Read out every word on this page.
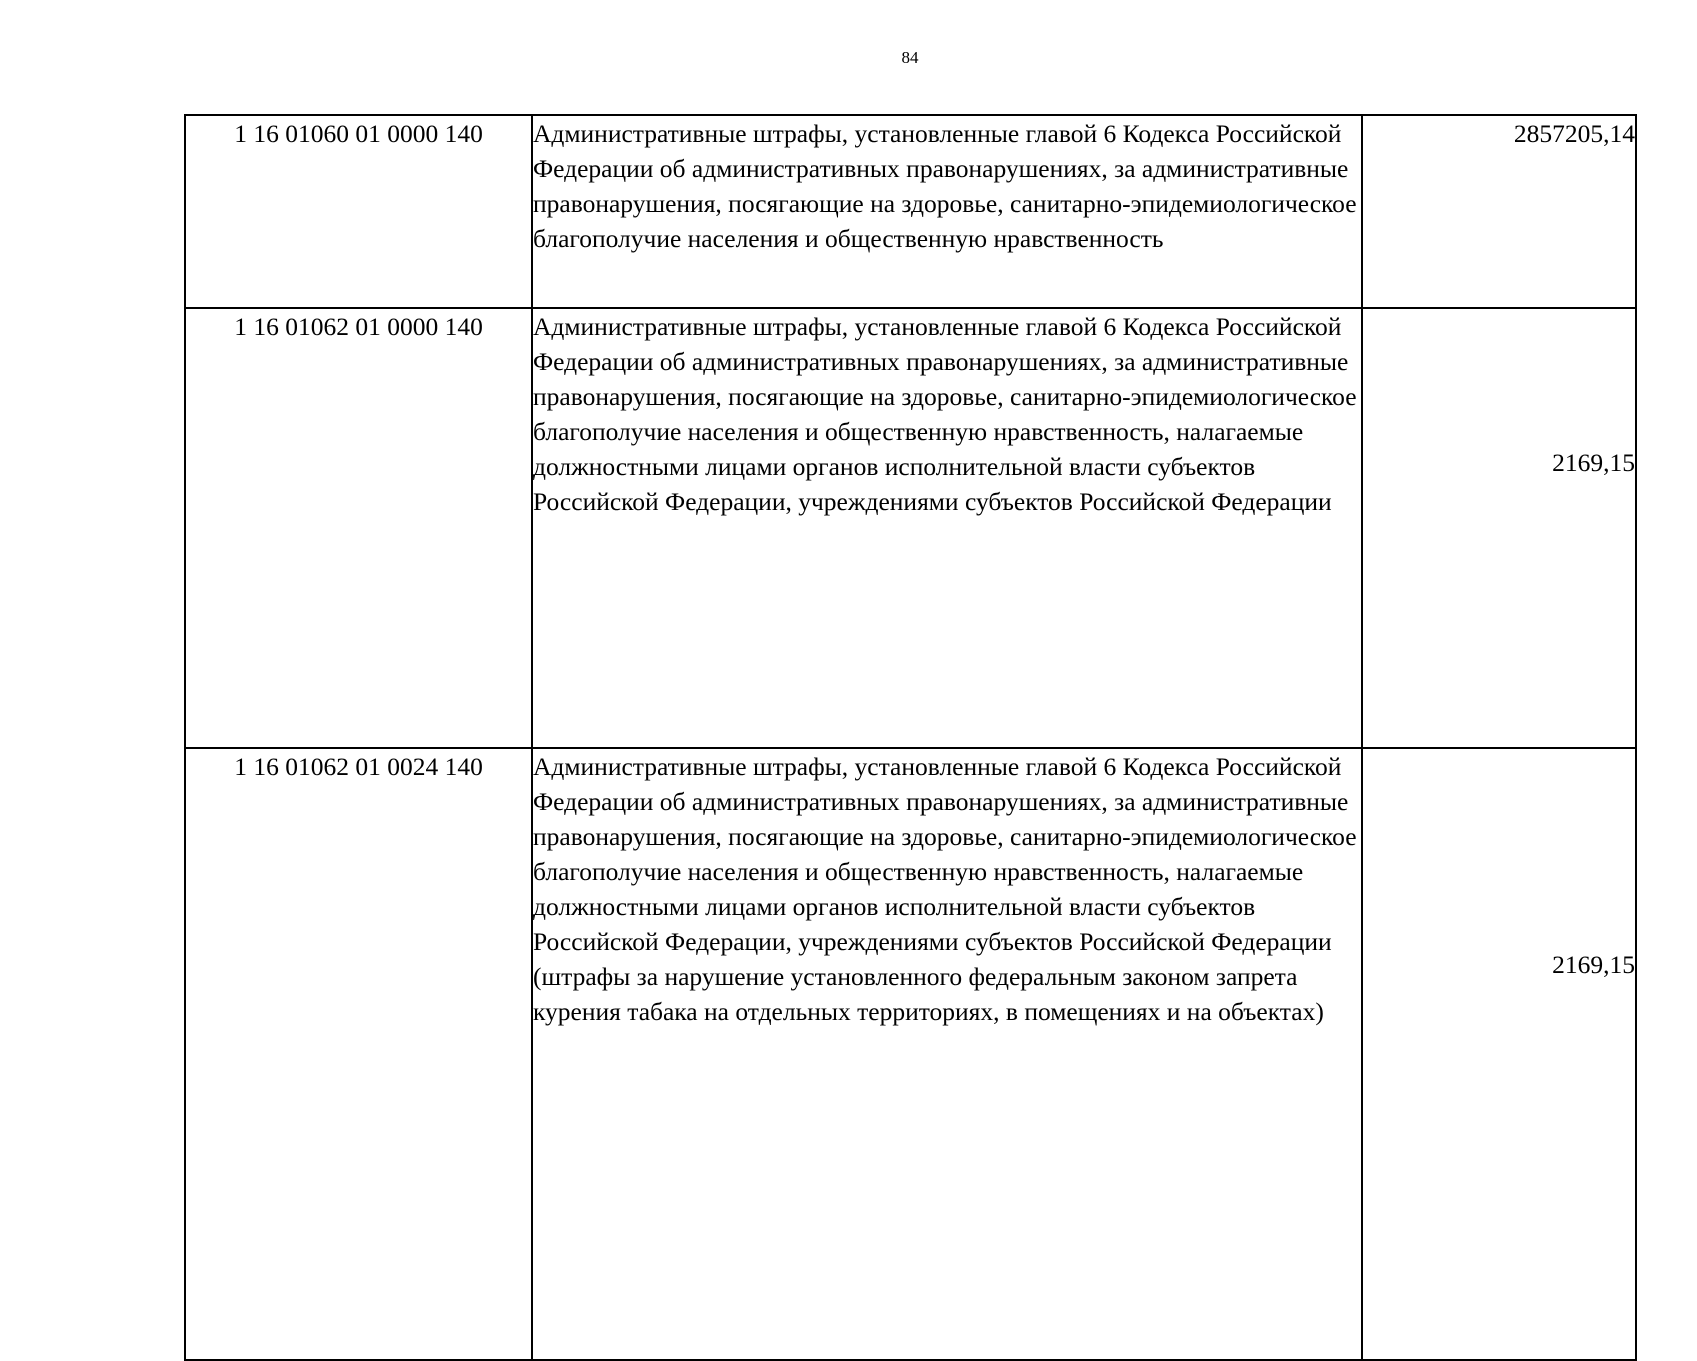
84
1 16 01060 01 0000 140	Административные штрафы, установленные главой 6 Кодекса Российской Федерации об административных правонарушениях, за административные правонарушения, посягающие на здоровье, санитарно-эпидемиологическое благополучие населения и общественную нравственность	2857205,14

1 16 01062 01 0000 140	Административные штрафы, установленные главой 6 Кодекса Российской Федерации об административных правонарушениях, за административные правонарушения, посягающие на здоровье, санитарно-эпидемиологическое благополучие населения и общественную нравственность, налагаемые должностными лицами органов исполнительной власти субъектов Российской Федерации, учреждениями субъектов Российской Федерации	2169,15

1 16 01062 01 0024 140	Административные штрафы, установленные главой 6 Кодекса Российской Федерации об административных правонарушениях, за административные правонарушения, посягающие на здоровье, санитарно-эпидемиологическое благополучие населения и общественную нравственность, налагаемые должностными лицами органов исполнительной власти субъектов Российской Федерации, учреждениями субъектов Российской Федерации (штрафы за нарушение установленного федеральным законом запрета курения табака на отдельных территориях, в помещениях и на объектах)	2169,15
